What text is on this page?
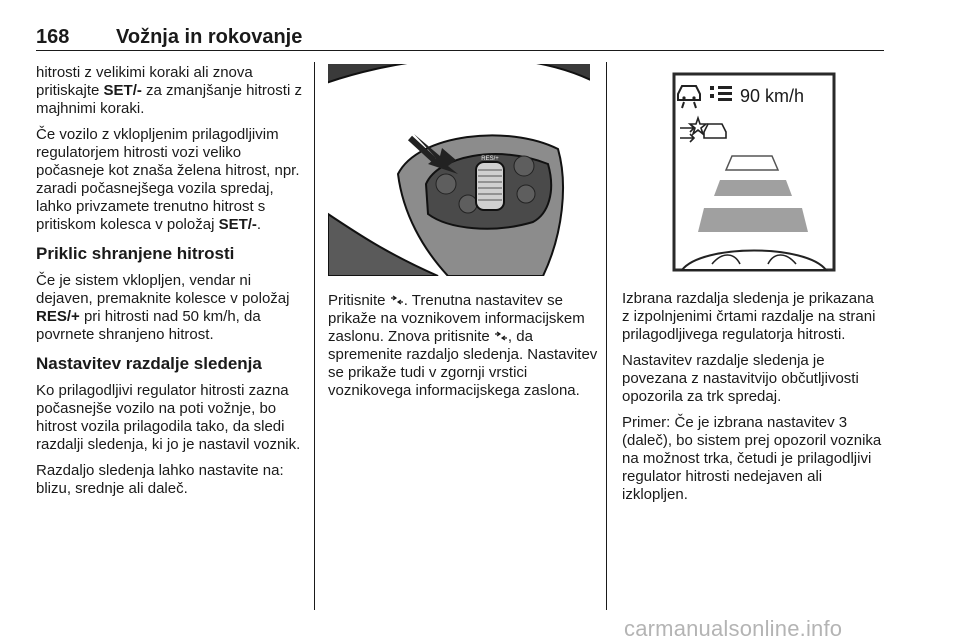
168 Vožnja in rokovanje

hitrosti z velikimi koraki ali znova pritiskajte SET/- za zmanjšanje hitrosti z majhnimi koraki.

Če vozilo z vklopljenim prilagodljivim regulatorjem hitrosti vozi veliko počasneje kot znaša želena hitrost, npr. zaradi počasnejšega vozila spredaj, lahko privzamete trenutno hitrost s pritiskom kolesca v položaj SET/-.

Priklic shranjene hitrosti

Če je sistem vklopljen, vendar ni dejaven, premaknite kolesce v položaj RES/+ pri hitrosti nad 50 km/h, da povrnete shranjeno hitrost.

Nastavitev razdalje sledenja

Ko prilagodljivi regulator hitrosti zazna počasnejše vozilo na poti vožnje, bo hitrost vozila prilagodila tako, da sledi razdalji sledenja, ki jo je nastavil voznik.

Razdaljo sledenja lahko nastavite na: blizu, srednje ali daleč.

RES/+

Pritisnite . Trenutna nastavitev se prikaže na voznikovem informacijskem zaslonu. Znova pritisnite , da spremenite razdaljo sledenja. Nastavitev se prikaže tudi v zgornji vrstici voznikovega informacijskega zaslona.

90 km/h

Izbrana razdalja sledenja je prikazana z izpolnjenimi črtami razdalje na strani prilagodljivega regulatorja hitrosti.

Nastavitev razdalje sledenja je povezana z nastavitvijo občutljivosti opozorila za trk spredaj.

Primer: Če je izbrana nastavitev 3 (daleč), bo sistem prej opozoril voznika na možnost trka, četudi je prilagodljivi regulator hitrosti nedejaven ali izklopljen.

carmanualsonline.info
